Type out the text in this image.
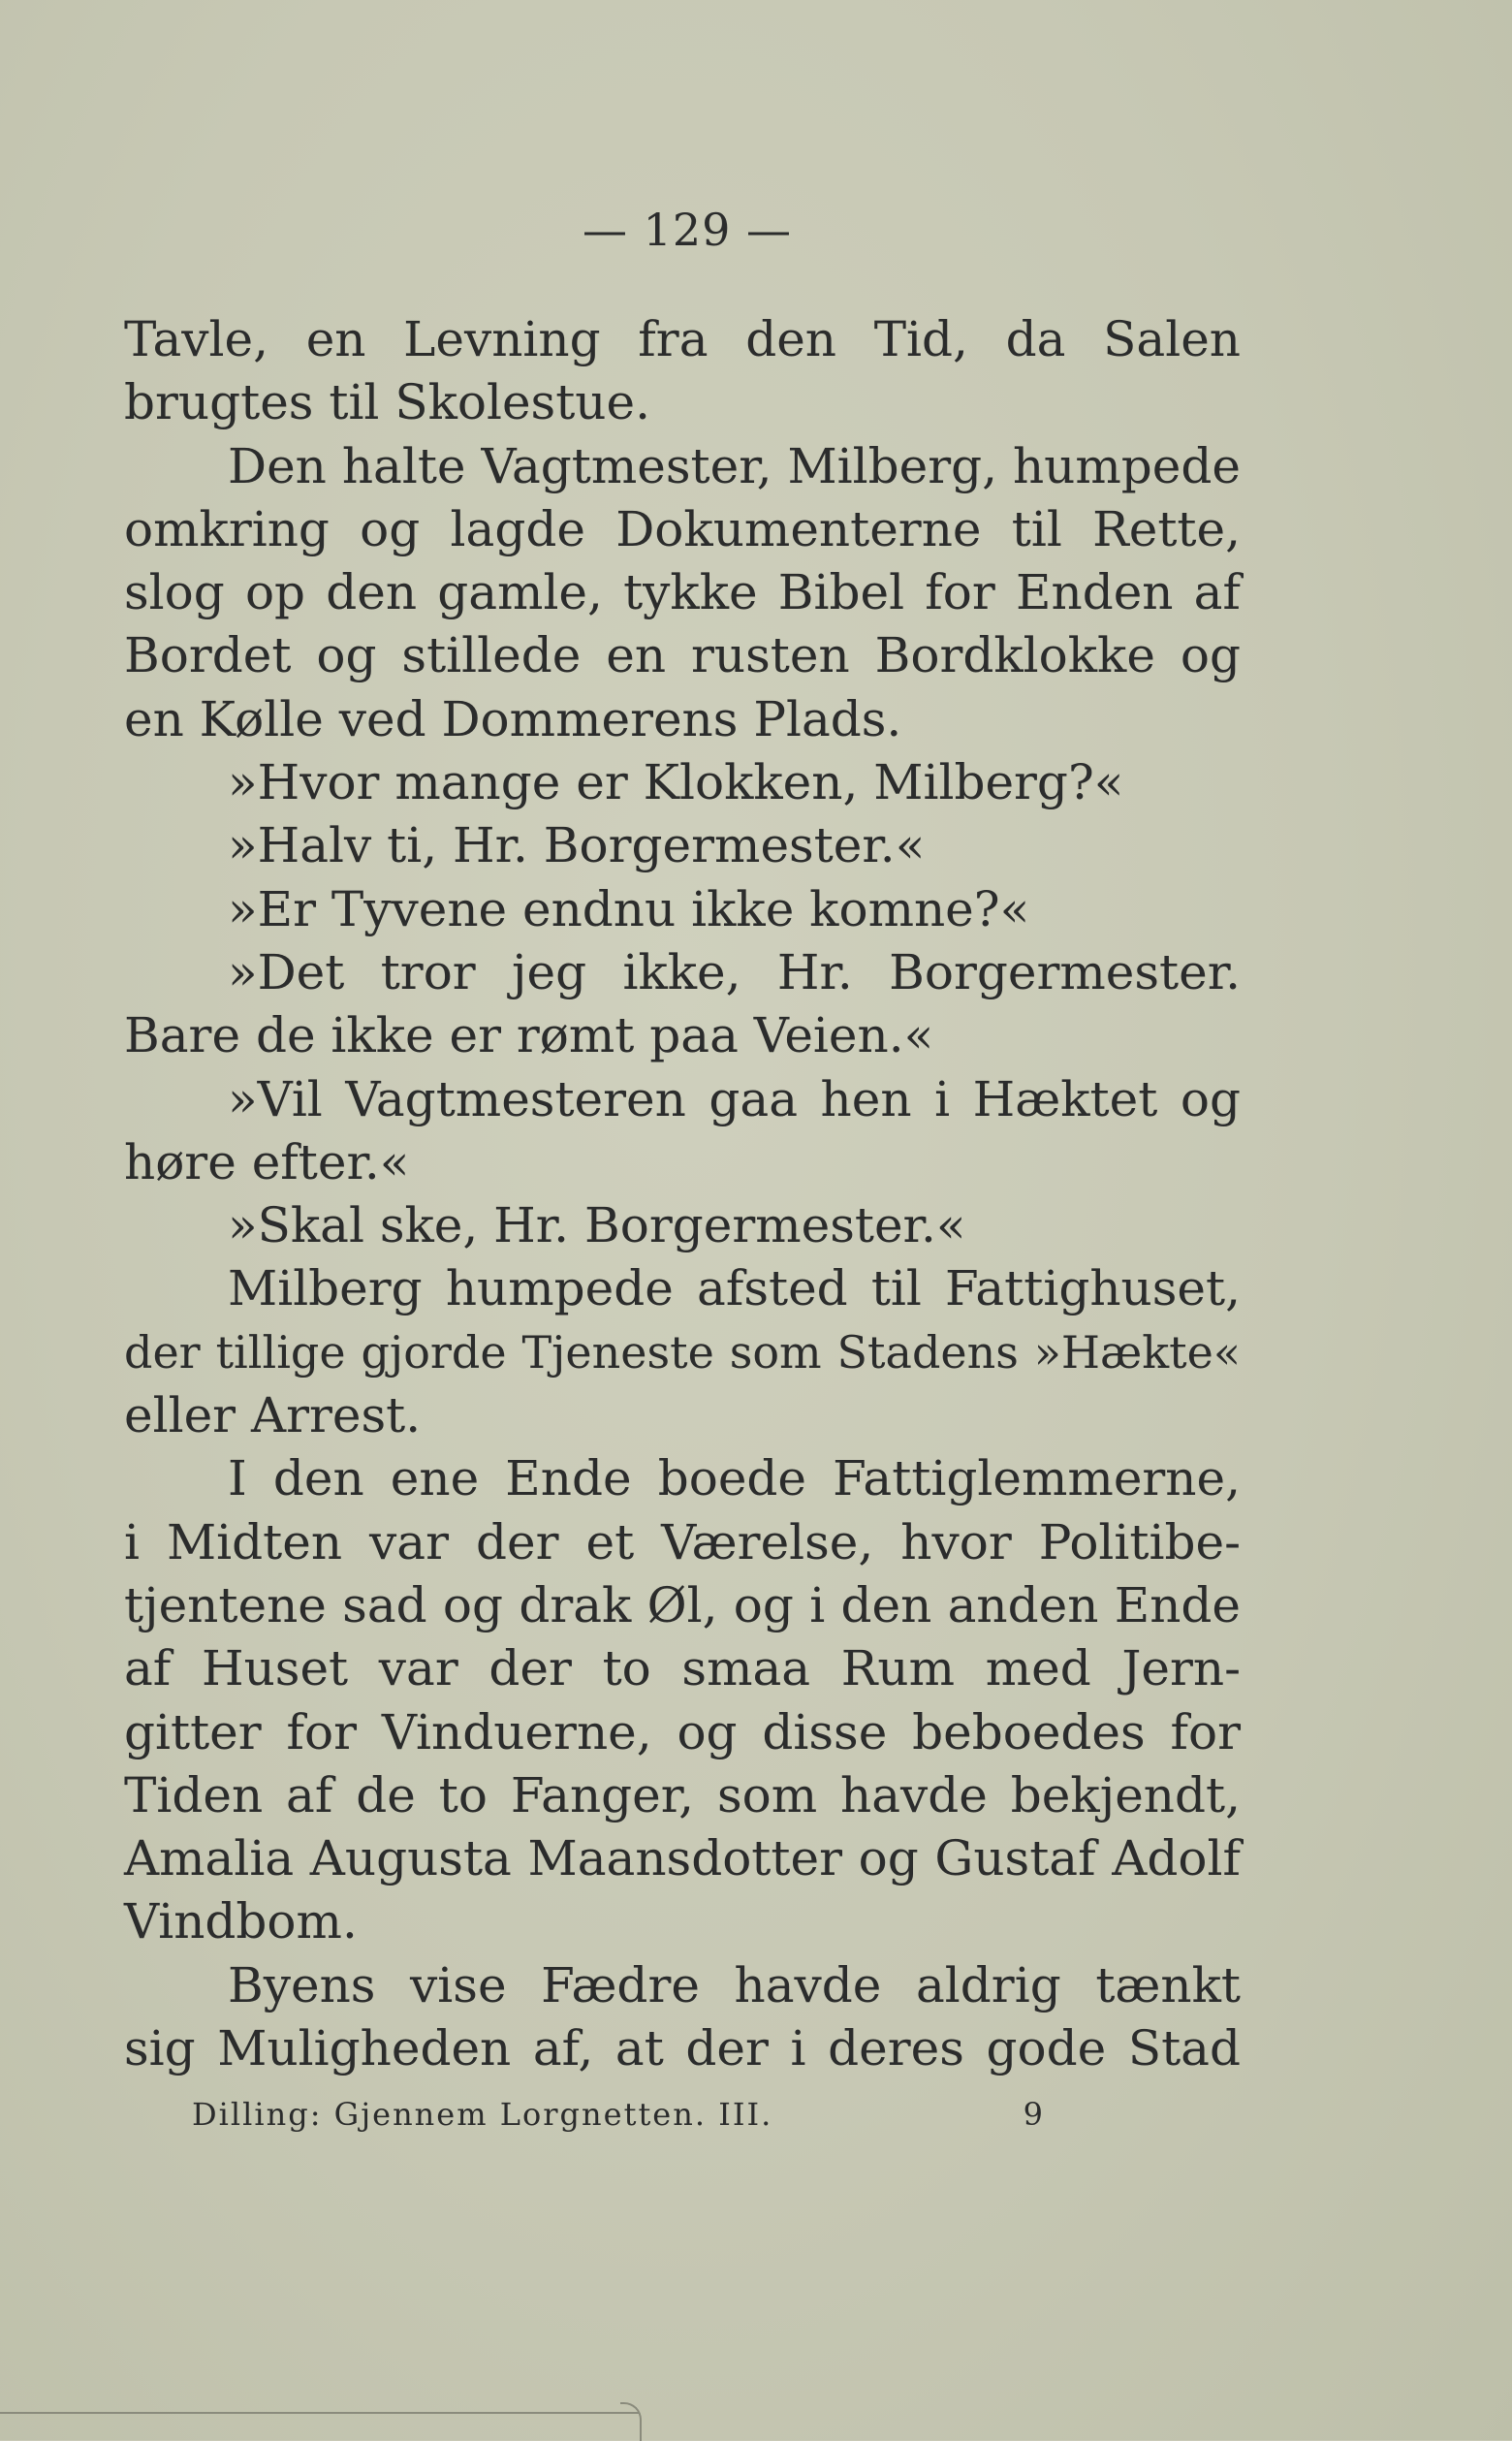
— 129 —
Tavle, en Levning fra den Tid, da Salen
brugtes til Skolestue.
Den halte Vagtmester, Milberg, humpede
omkring og lagde Dokumenterne til Rette,
slog op den gamle, tykke Bibel for Enden af
Bordet og stillede en rusten Bordklokke og
en Kølle ved Dommerens Plads.
»Hvor mange er Klokken, Milberg?«
»Halv ti, Hr. Borgermester.«
»Er Tyvene endnu ikke komne?«
»Det tror jeg ikke, Hr. Borgermester.
Bare de ikke er rømt paa Veien.«
»Vil Vagtmesteren gaa hen i Hæktet og
høre efter.«
»Skal ske, Hr. Borgermester.«
Milberg humpede afsted til Fattighuset,
der tillige gjorde Tjeneste som Stadens »Hækte«
eller Arrest.
I den ene Ende boede Fattiglemmerne,
i Midten var der et Værelse, hvor Politibe-
tjentene sad og drak Øl, og i den anden Ende
af Huset var der to smaa Rum med Jern-
gitter for Vinduerne, og disse beboedes for
Tiden af de to Fanger, som havde bekjendt,
Amalia Augusta Maansdotter og Gustaf Adolf
Vindbom.
Byens vise Fædre havde aldrig tænkt
sig Muligheden af, at der i deres gode Stad
Dilling: Gjennem Lorgnetten. III.	9
